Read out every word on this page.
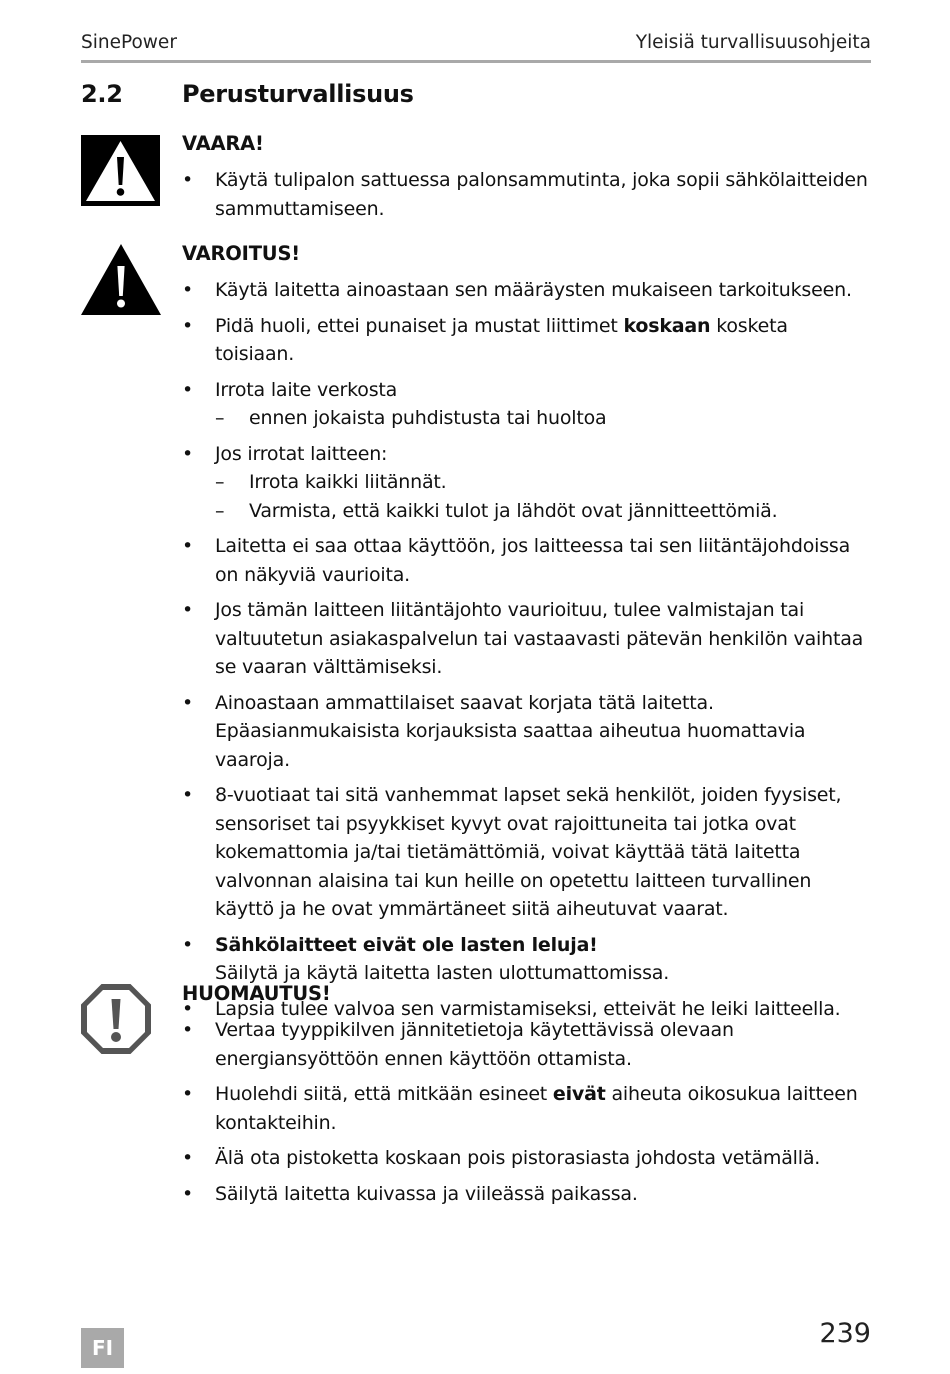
SinePower	Yleisiä turvallisuusohjeita
2.2 Perusturvallisuus
VAARA!
• Käytä tulipalon sattuessa palonsammutinta, joka sopii sähkölaitteiden sammuttamiseen.
VAROITUS!
• Käytä laitetta ainoastaan sen määräysten mukaiseen tarkoitukseen.
• Pidä huoli, ettei punaiset ja mustat liittimet koskaan kosketa toisiaan.
• Irrota laite verkosta
– ennen jokaista puhdistusta tai huoltoa
• Jos irrotat laitteen:
– Irrota kaikki liitännät.
– Varmista, että kaikki tulot ja lähdöt ovat jännitteettömiä.
• Laitetta ei saa ottaa käyttöön, jos laitteessa tai sen liitäntäjohdoissa on näkyviä vaurioita.
• Jos tämän laitteen liitäntäjohto vaurioituu, tulee valmistajan tai valtuutetun asiakaspalvelun tai vastaavasti pätevän henkilön vaihtaa se vaaran välttämiseksi.
• Ainoastaan ammattilaiset saavat korjata tätä laitetta. Epäasianmukaisista korjauksista saattaa aiheutua huomattavia vaaroja.
• 8-vuotiaat tai sitä vanhemmat lapset sekä henkilöt, joiden fyysiset, sensoriset tai psyykkiset kyvyt ovat rajoittuneita tai jotka ovat kokemattomia ja/tai tietämättömiä, voivat käyttää tätä laitetta valvonnan alaisina tai kun heille on opetettu laitteen turvallinen käyttö ja he ovat ymmärtäneet siitä aiheutuvat vaarat.
• Sähkölaitteet eivät ole lasten leluja!
Säilytä ja käytä laitetta lasten ulottumattomissa.
• Lapsia tulee valvoa sen varmistamiseksi, etteivät he leiki laitteella.
HUOMAUTUS!
• Vertaa tyyppikilven jännitetietoja käytettävissä olevaan energiansyöttöön ennen käyttöön ottamista.
• Huolehdi siitä, että mitkään esineet eivät aiheuta oikosukua laitteen kontakteihin.
• Älä ota pistoketta koskaan pois pistorasiasta johdosta vetämällä.
• Säilytä laitetta kuivassa ja viileässä paikassa.
239
FI
